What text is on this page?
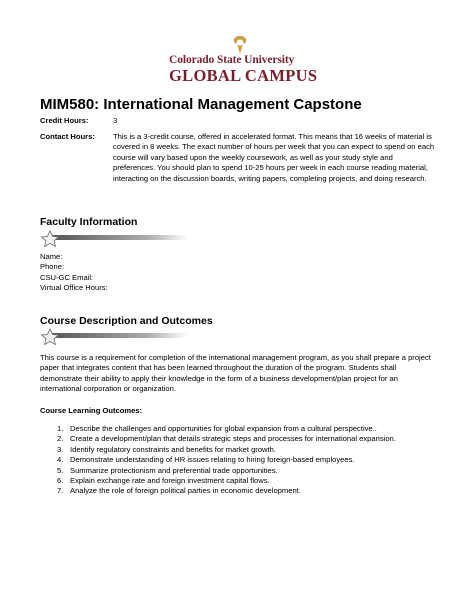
Colorado State University
GLOBAL CAMPUS
MIM580: International Management Capstone
Credit Hours:	3
Contact Hours: This is a 3-credit course, offered in accelerated format. This means that 16 weeks of material is covered in 8 weeks. The exact number of hours per week that you can expect to spend on each course will vary based upon the weekly coursework, as well as your study style and preferences. You should plan to spend 10-25 hours per week in each course reading material, interacting on the discussion boards, writing papers, completing projects, and doing research.
Faculty Information
Name:
Phone:
CSU-GC Email:
Virtual Office Hours:
Course Description and Outcomes
This course is a requirement for completion of the international management program, as you shall prepare a project paper that integrates content that has been learned throughout the duration of the program. Students shall demonstrate their ability to apply their knowledge in the form of a business development/plan project for an international corporation or organization.
Course Learning Outcomes:
1. Describe the challenges and opportunities for global expansion from a cultural perspective..
2. Create a development/plan that details strategic steps and processes for international expansion.
3. Identify regulatory constraints and benefits for market growth.
4. Demonstrate understanding of HR issues relating to hiring foreign-based employees.
5. Summarize protectionism and preferential trade opportunities.
6. Explain exchange rate and foreign investment capital flows.
7. Analyze the role of foreign political parties in economic development.
